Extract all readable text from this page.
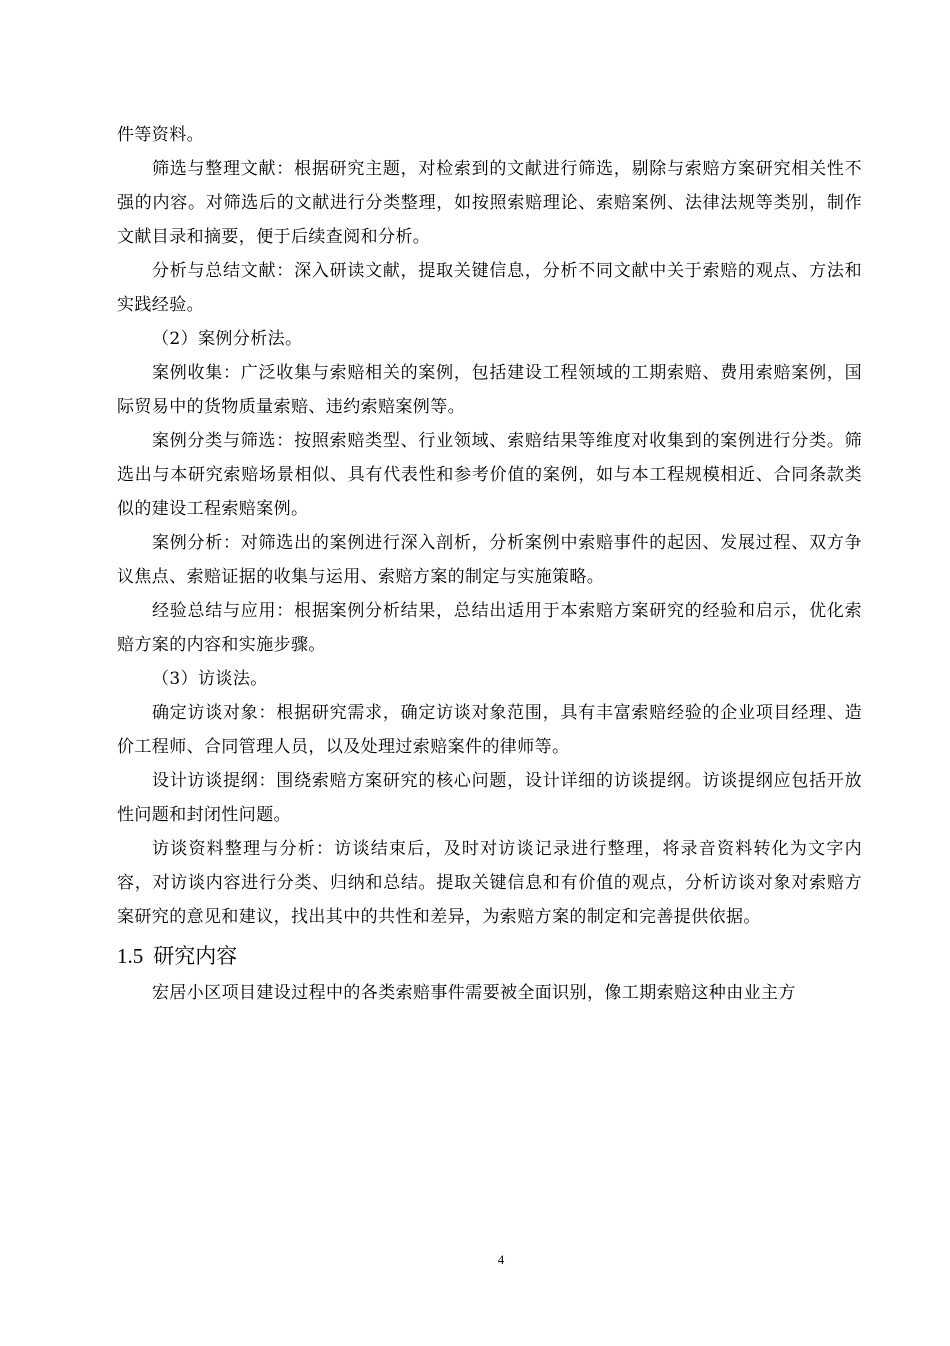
件等资料。

筛选与整理文献：根据研究主题，对检索到的文献进行筛选，剔除与索赔方案研究相关性不强的内容。对筛选后的文献进行分类整理，如按照索赔理论、索赔案例、法律法规等类别，制作文献目录和摘要，便于后续查阅和分析。

分析与总结文献：深入研读文献，提取关键信息，分析不同文献中关于索赔的观点、方法和实践经验。

（2）案例分析法。

案例收集：广泛收集与索赔相关的案例，包括建设工程领域的工期索赔、费用索赔案例，国际贸易中的货物质量索赔、违约索赔案例等。

案例分类与筛选：按照索赔类型、行业领域、索赔结果等维度对收集到的案例进行分类。筛选出与本研究索赔场景相似、具有代表性和参考价值的案例，如与本工程规模相近、合同条款类似的建设工程索赔案例。

案例分析：对筛选出的案例进行深入剖析，分析案例中索赔事件的起因、发展过程、双方争议焦点、索赔证据的收集与运用、索赔方案的制定与实施策略。

经验总结与应用：根据案例分析结果，总结出适用于本索赔方案研究的经验和启示，优化索赔方案的内容和实施步骤。

（3）访谈法。

确定访谈对象：根据研究需求，确定访谈对象范围，具有丰富索赔经验的企业项目经理、造价工程师、合同管理人员，以及处理过索赔案件的律师等。

设计访谈提纲：围绕索赔方案研究的核心问题，设计详细的访谈提纲。访谈提纲应包括开放性问题和封闭性问题。

访谈资料整理与分析：访谈结束后，及时对访谈记录进行整理，将录音资料转化为文字内容，对访谈内容进行分类、归纳和总结。提取关键信息和有价值的观点，分析访谈对象对索赔方案研究的意见和建议，找出其中的共性和差异，为索赔方案的制定和完善提供依据。

1.5 研究内容

宏居小区项目建设过程中的各类索赔事件需要被全面识别，像工期索赔这种由业主方

4
